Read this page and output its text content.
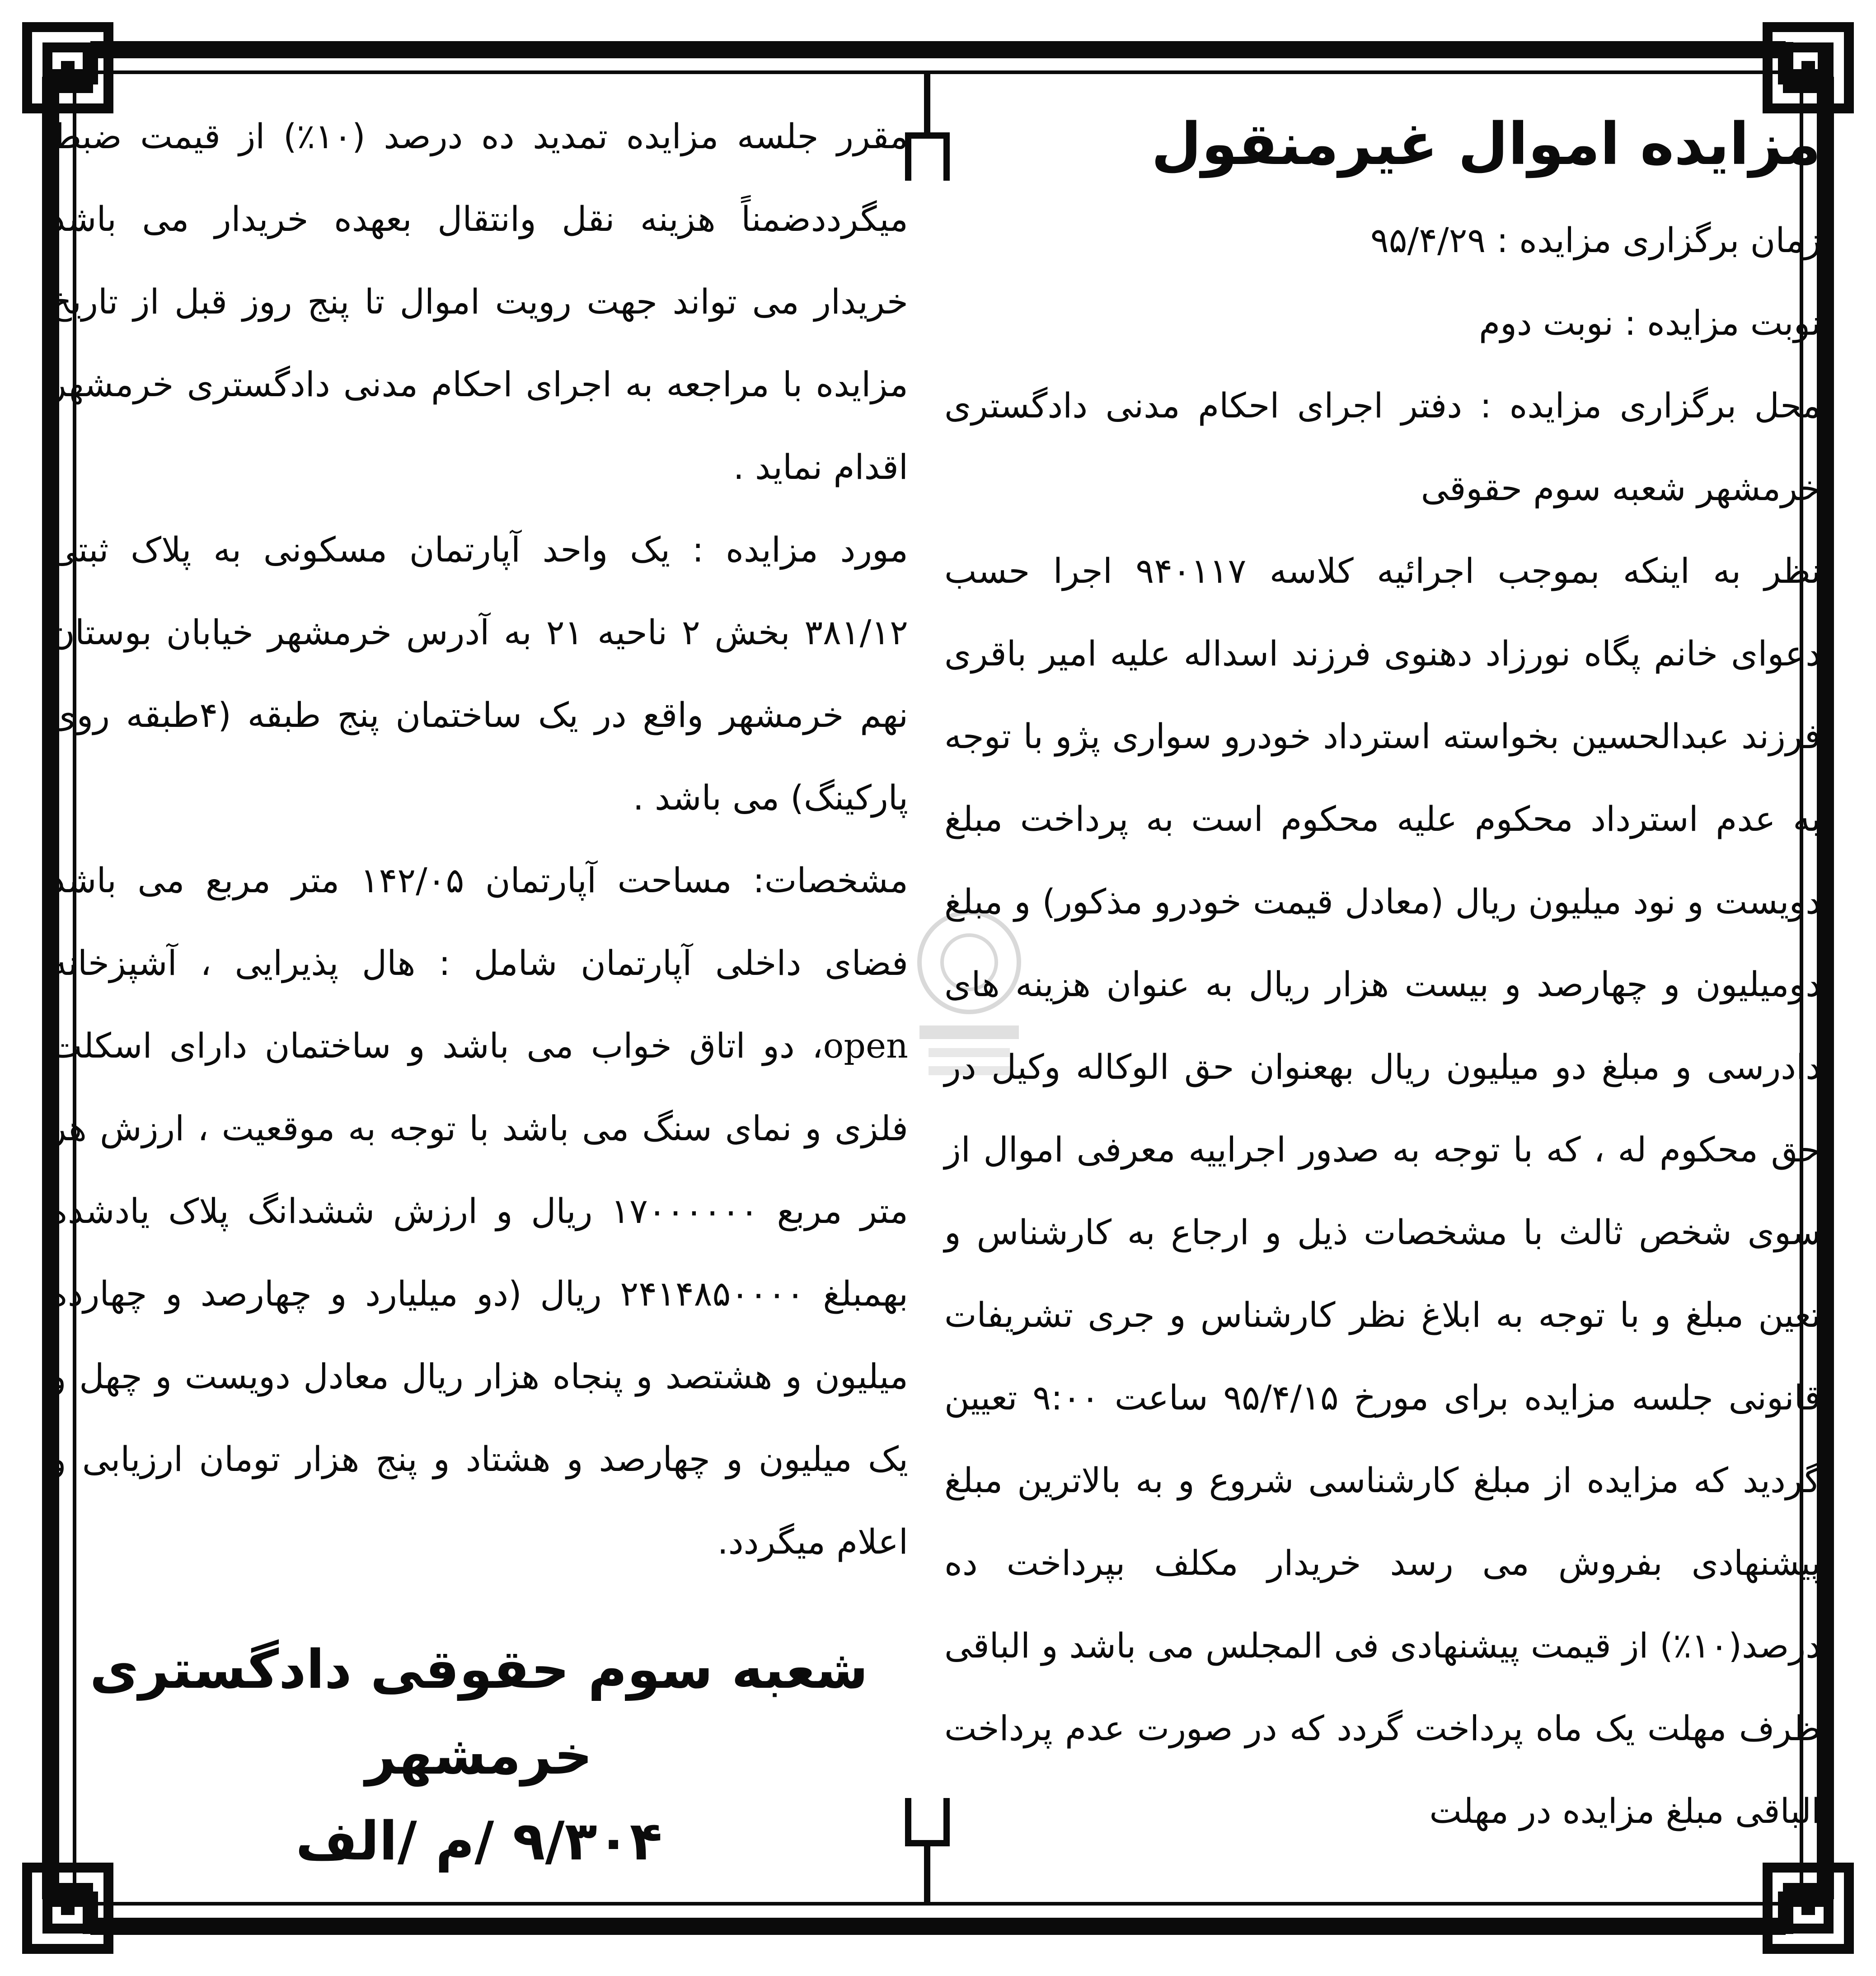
مزایده اموال غیرمنقول

زمان برگزاری مزایده : ۹۵/۴/۲۹

نوبت مزایده : نوبت دوم

محل برگزاری مزایده : دفتر اجرای احکام مدنی دادگستری خرمشهر شعبه سوم حقوقی

نظر به اینکه بموجب اجرائیه کلاسه ۹۴۰۱۱۷ اجرا حسب دعوای خانم پگاه نورزاد دهنوی فرزند اسداله علیه امیر باقری فرزند عبدالحسین بخواسته استرداد خودرو سواری پژو با توجه به عدم استرداد محکوم علیه محکوم است به پرداخت مبلغ دویست و نود میلیون ریال (معادل قیمت خودرو مذکور) و مبلغ دومیلیون و چهارصد و بیست هزار ریال به عنوان هزینه های دادرسی و مبلغ دو میلیون ریال بهعنوان حق الوکاله وکیل در حق محکوم له ، که با توجه به صدور اجراییه معرفی اموال از سوی شخص ثالث با مشخصات ذیل و ارجاع به کارشناس و تعین مبلغ و با توجه به ابلاغ نظر کارشناس و جری تشریفات قانونی جلسه مزایده برای مورخ ۹۵/۴/۱۵ ساعت ۹:۰۰ تعیین گردید که مزایده از مبلغ کارشناسی شروع و به بالاترین مبلغ پیشنهادی بفروش می رسد خریدار مکلف بپرداخت ده درصد(۱۰٪) از قیمت پیشنهادی فی المجلس می باشد و الباقی ظرف مهلت یک ماه پرداخت گردد که در صورت عدم پرداخت الباقی مبلغ مزایده در مهلت

مقرر جلسه مزایده تمدید ده درصد (۱۰٪) از قیمت ضبط میگرددضمناً هزینه نقل وانتقال بعهده خریدار می باشد خریدار می تواند جهت رویت اموال تا پنج روز قبل از تاریخ مزایده با مراجعه به اجرای احکام مدنی دادگستری خرمشهر اقدام نماید .

مورد مزایده : یک واحد آپارتمان مسکونی به پلاک ثبتی ۳۸۱/۱۲ بخش ۲ ناحیه ۲۱ به آدرس خرمشهر خیابان بوستان نهم خرمشهر واقع در یک ساختمان پنج طبقه (۴طبقه روی پارکینگ) می باشد .

مشخصات: مساحت آپارتمان ۱۴۲/۰۵ متر مربع می باشد فضای داخلی آپارتمان شامل : هال پذیرایی ، آشپزخانه open، دو اتاق خواب می باشد و ساختمان دارای اسکلت فلزی و نمای سنگ می باشد با توجه به موقعیت ، ارزش هر متر مربع ۱۷۰۰۰۰۰۰ ریال و ارزش ششدانگ پلاک یادشده بهمبلغ ۲۴۱۴۸۵۰۰۰۰ ریال (دو میلیارد و چهارصد و چهارده میلیون و هشتصد و پنجاه هزار ریال معادل دویست و چهل و یک میلیون و چهارصد و هشتاد و پنج هزار تومان ارزیابی و اعلام میگردد.

شعبه سوم حقوقی دادگستری
خرمشهر
۹/۳۰۴ /م /الف
